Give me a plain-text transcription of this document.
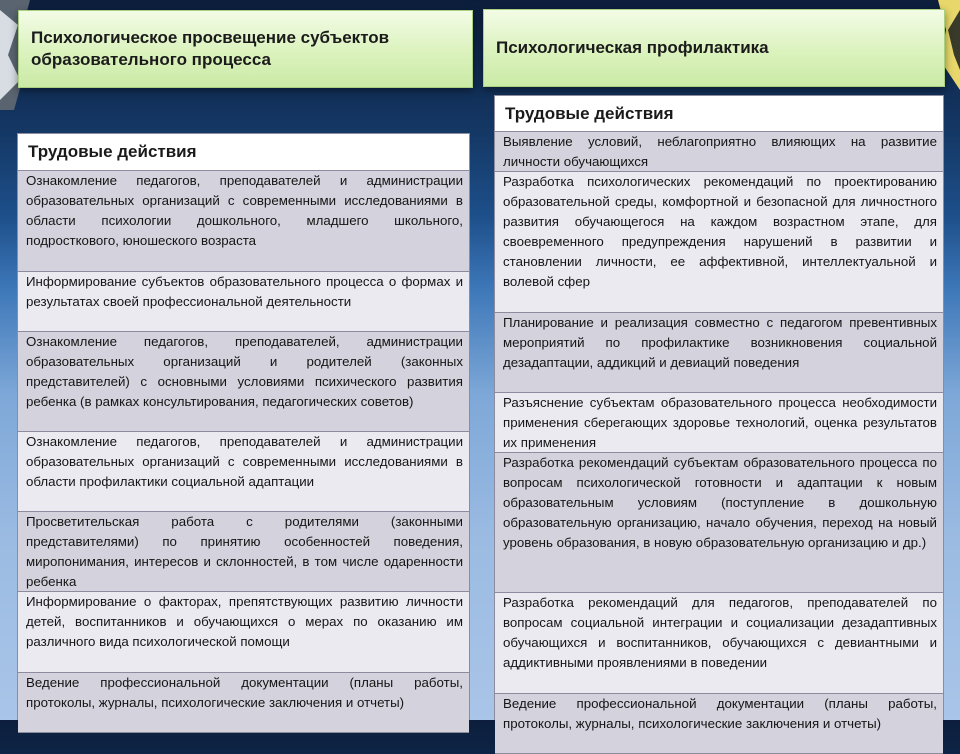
Психологическое просвещение субъектов образовательного процесса
Психологическая профилактика
Трудовые действия
Ознакомление педагогов, преподавателей и администрации образовательных организаций с современными исследованиями в области психологии дошкольного, младшего школьного, подросткового, юношеского возраста
Информирование субъектов образовательного процесса о формах и результатах своей профессиональной деятельности
Ознакомление педагогов, преподавателей, администрации образовательных организаций и родителей (законных представителей) с основными условиями психического развития ребенка (в рамках консультирования, педагогических советов)
Ознакомление педагогов, преподавателей и администрации образовательных организаций с современными исследованиями в области профилактики социальной адаптации
Просветительская работа с родителями (законными представителями) по принятию особенностей поведения, миропонимания, интересов и склонностей, в том числе одаренности ребенка
Информирование о факторах, препятствующих развитию личности детей, воспитанников и обучающихся о мерах по оказанию им различного вида психологической помощи
Ведение профессиональной документации (планы работы, протоколы, журналы, психологические заключения и отчеты)
Трудовые действия
Выявление условий, неблагоприятно влияющих на развитие личности обучающихся
Разработка психологических рекомендаций по проектированию образовательной среды, комфортной и безопасной для личностного развития обучающегося на каждом возрастном этапе, для своевременного предупреждения нарушений в развитии и становлении личности, ее аффективной, интеллектуальной и волевой сфер
Планирование и реализация совместно с педагогом превентивных мероприятий по профилактике возникновения социальной дезадаптации, аддикций и девиаций поведения
Разъяснение субъектам образовательного процесса необходимости применения сберегающих здоровье технологий, оценка результатов их применения
Разработка рекомендаций субъектам образовательного процесса по вопросам психологической готовности и адаптации к новым образовательным условиям (поступление в дошкольную образовательную организацию, начало обучения, переход на новый уровень образования, в новую образовательную организацию и др.)
Разработка рекомендаций для педагогов, преподавателей по вопросам социальной интеграции и социализации дезадаптивных обучающихся и воспитанников, обучающихся с девиантными и аддиктивными проявлениями в поведении
Ведение профессиональной документации (планы работы, протоколы, журналы, психологические заключения и отчеты)
